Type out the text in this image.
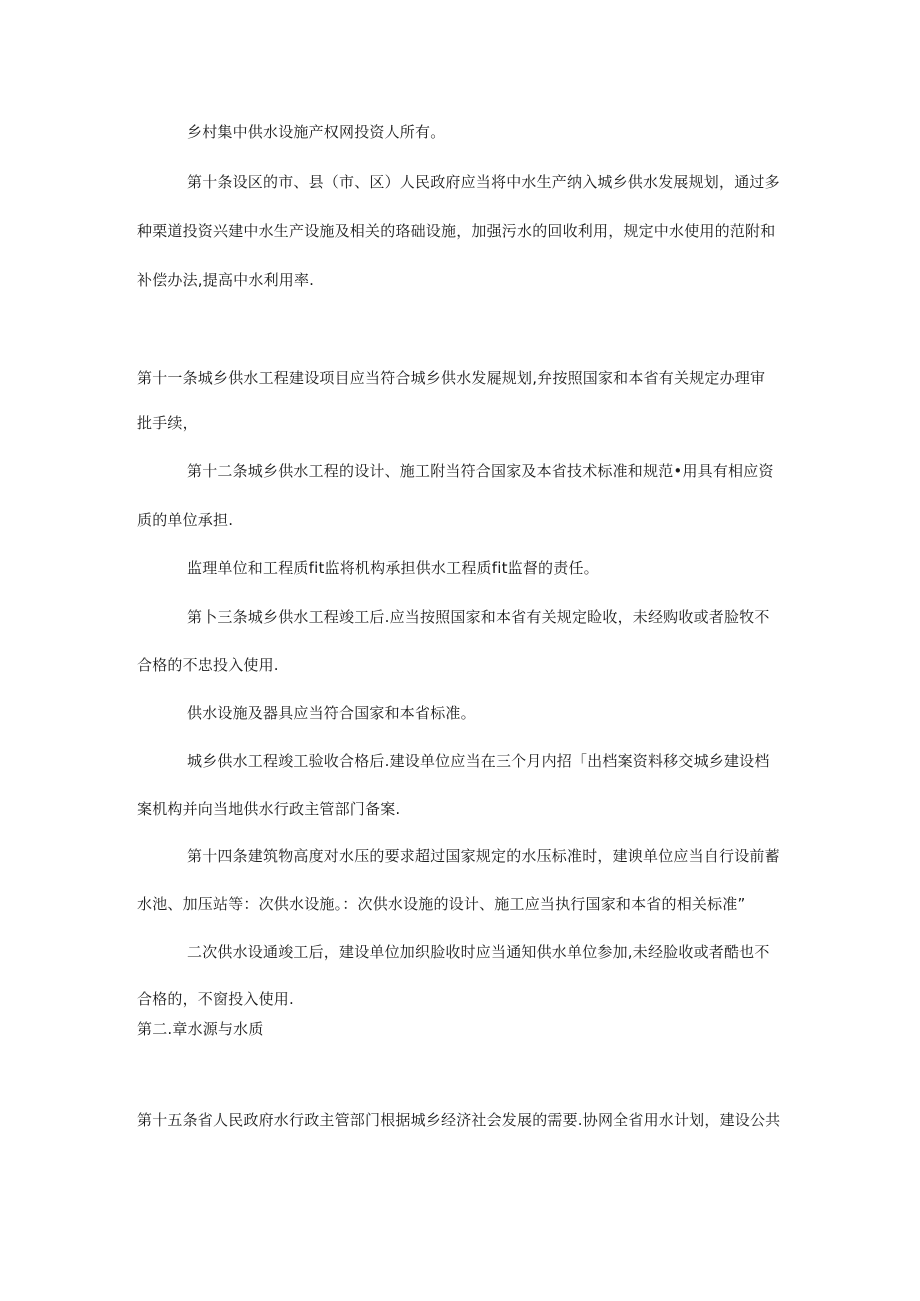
乡村集中供水设施产权网投资人所有。

第十条设区的市、县（市、区）人民政府应当将中水生产纳入城乡供水发展规划，通过多

种栗道投资兴建中水生产设施及相关的珞础设施，加强污水的回收利用，规定中水使用的范附和

补偿办法,提高中水利用率.

第十一条城乡供水工程建设项目应当符合城乡供水发屣规划,弁按照国家和本省有关规定办理审

批手续，

第十二条城乡供水工程的设计、施工附当符合国家及本省技术标准和规范•用具有相应资

质的单位承担.

监理单位和工程质fit监将机构承担供水工程质fit监督的责任。

第卜三条城乡供水工程竣工后.应当按照国家和本省有关规定睑收，未经购收或者脸牧不

合格的不忠投入使用.

供水设施及器具应当符合国家和本省标准。

城乡供水工程竣工验收合格后.建设单位应当在三个月内招「出档案资料移交城乡建设档

案机构并向当地供水行政主管部门备案.

第十四条建筑物高度对水压的要求超过国家规定的水压标准时，建谀单位应当自行设前蓄

水池、加压站等：次供水设施。：次供水设施的设计、施工应当执行国家和本省的相关标准”

二次供水设通竣工后，建设单位加织脸收时应当通知供水单位参加,未经脸收或者酷也不

合格的，不窗投入使用.

第二.章水源与水质

第十五条省人民政府水行政主管部门根据城乡经济社会发展的需要.协网全省用水计划，建设公共
